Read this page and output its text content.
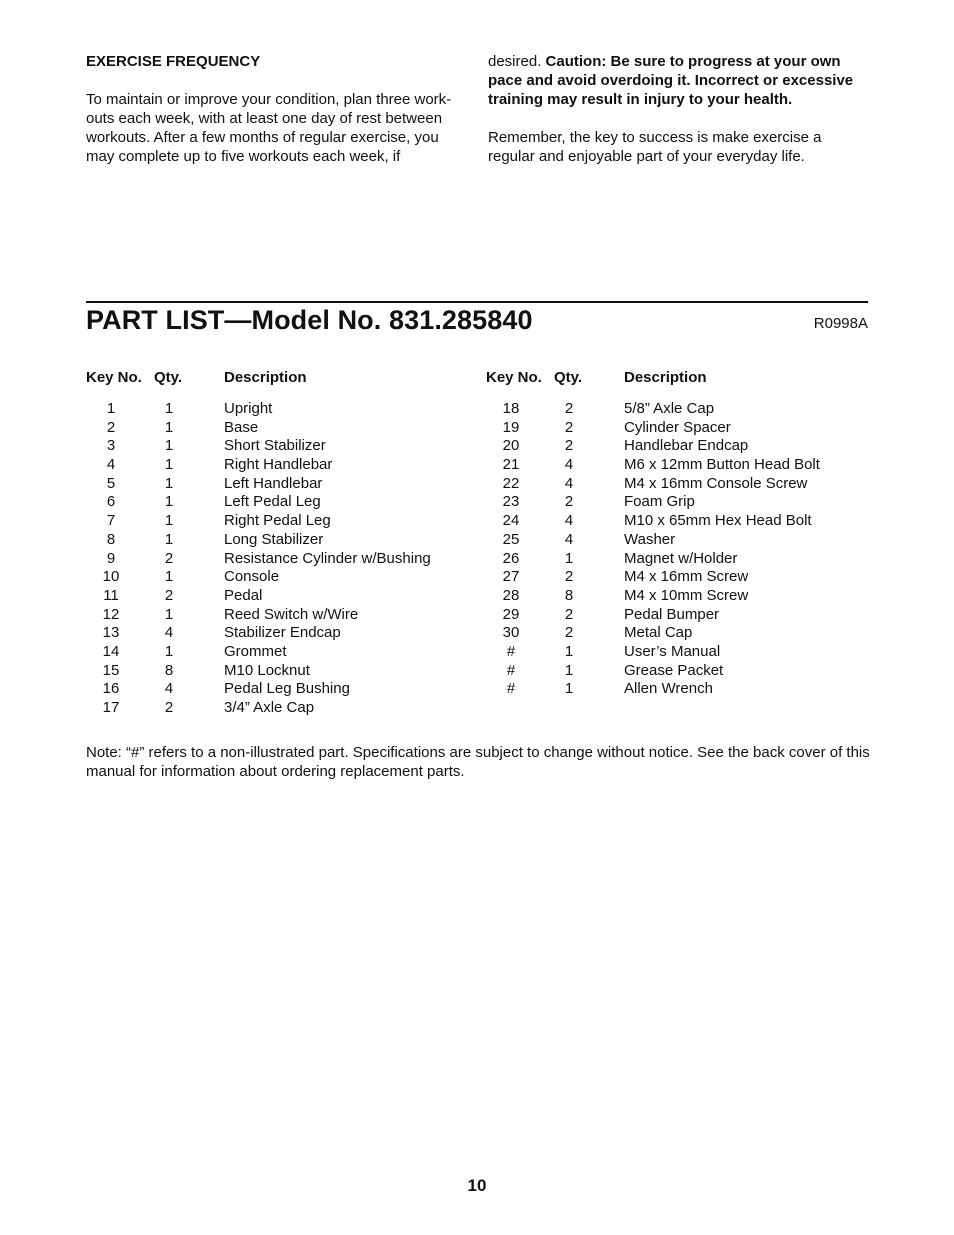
EXERCISE FREQUENCY

To maintain or improve your condition, plan three work-outs each week, with at least one day of rest between workouts. After a few months of regular exercise, you may complete up to five workouts each week, if

desired. Caution: Be sure to progress at your own pace and avoid overdoing it. Incorrect or excessive training may result in injury to your health.

Remember, the key to success is make exercise a regular and enjoyable part of your everyday life.

PART LIST—Model No. 831.285840	R0998A
Key No. Qty.	Description
1	1	Upright
2	1	Base
3	1	Short Stabilizer
4	1	Right Handlebar
5	1	Left Handlebar
6	1	Left Pedal Leg
7	1	Right Pedal Leg
8	1	Long Stabilizer
9	2	Resistance Cylinder w/Bushing
10	1	Console
11	2	Pedal
12	1	Reed Switch w/Wire
13	4	Stabilizer Endcap
14	1	Grommet
15	8	M10 Locknut
16	4	Pedal Leg Bushing
17	2	3/4” Axle Cap
Key No. Qty.	Description
18	2	5/8” Axle Cap
19	2	Cylinder Spacer
20	2	Handlebar Endcap
21	4	M6 x 12mm Button Head Bolt
22	4	M4 x 16mm Console Screw
23	2	Foam Grip
24	4	M10 x 65mm Hex Head Bolt
25	4	Washer
26	1	Magnet w/Holder
27	2	M4 x 16mm Screw
28	8	M4 x 10mm Screw
29	2	Pedal Bumper
30	2	Metal Cap
#	1	User’s Manual
#	1	Grease Packet
#	1	Allen Wrench

Note: “#” refers to a non-illustrated part. Specifications are subject to change without notice. See the back cover of this manual for information about ordering replacement parts.

10
